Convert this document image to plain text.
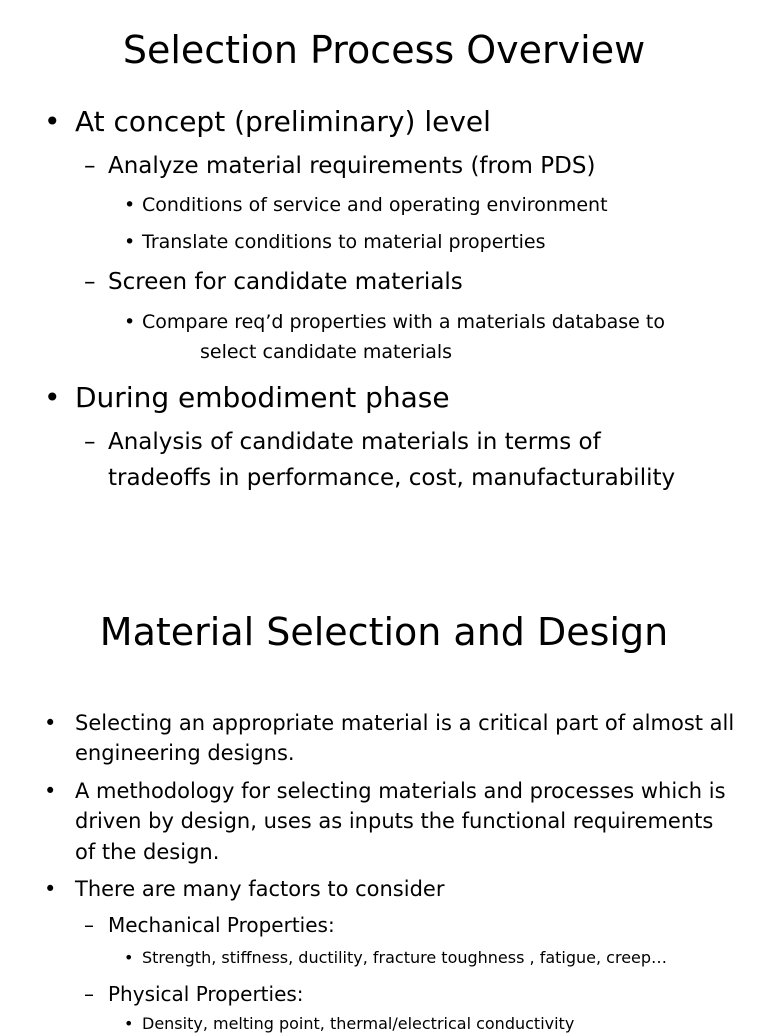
Selection Process Overview
• At concept (preliminary) level
– Analyze material requirements (from PDS)
• Conditions of service and operating environment
• Translate conditions to material properties
– Screen for candidate materials
• Compare req’d properties with a materials database to
select candidate materials
• During embodiment phase
– Analysis of candidate materials in terms of
tradeoffs in performance, cost, manufacturability
Material Selection and Design
• Selecting an appropriate material is a critical part of almost all
engineering designs.
• A methodology for selecting materials and processes which is
driven by design, uses as inputs the functional requirements
of the design.
• There are many factors to consider
– Mechanical Properties:
• Strength, stiffness, ductility, fracture toughness , fatigue, creep…
– Physical Properties:
• Density, melting point, thermal/electrical conductivity
